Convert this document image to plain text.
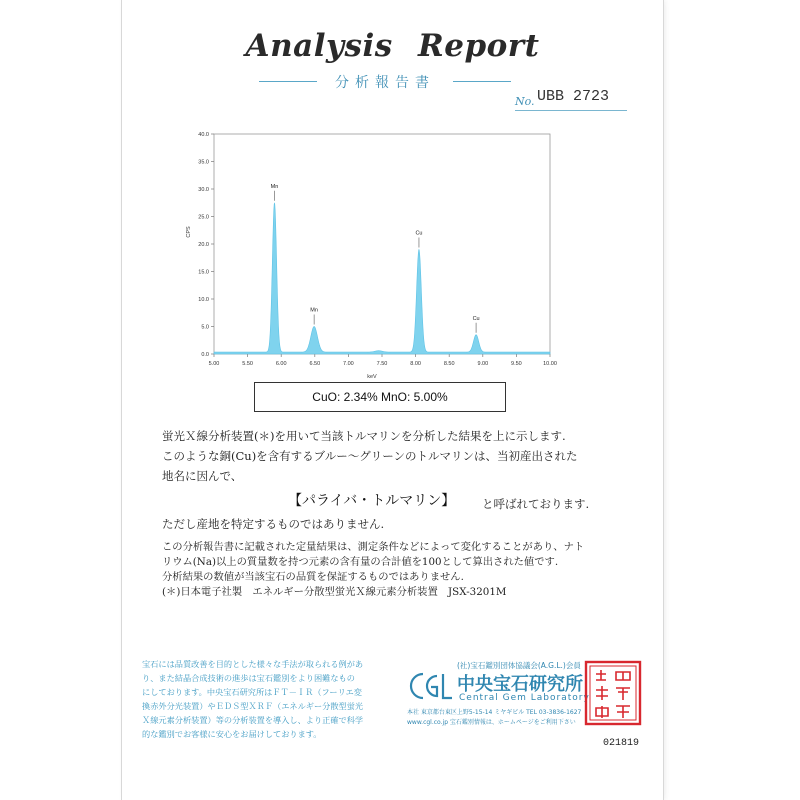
Analysis Report
分析報告書
No. UBB 2723
0.0
5.0
10.0
15.0
20.0
25.0
30.0
35.0
40.0
5.00	5.50	6.00	6.50	7.00	7.50	8.00	8.50	9.00	9.50	10.00
keV
CPS
Mn
Mn
Cu
Cu
CuO: 2.34% MnO: 5.00%
蛍光Ｘ線分析装置(＊)を用いて当該トルマリンを分析した結果を上に示します.
このような銅(Cu)を含有するブルー～グリーンのトルマリンは、当初産出された
地名に因んで、
【パライバ・トルマリン】 と呼ばれております.
ただし産地を特定するものではありません.
この分析報告書に記載された定量結果は、測定条件などによって変化することがあり、ナト
リウム(Na)以上の質量数を持つ元素の含有量の合計値を100として算出された値です.
分析結果の数値が当該宝石の品質を保証するものではありません.
(＊)日本電子社製　エネルギー分散型蛍光Ｘ線元素分析装置　JSX-3201M
宝石には品質改善を目的とした様々な手法が取られる例があ
り、また結晶合成技術の進歩は宝石鑑別をより困難なもの
にしております。中央宝石研究所はＦＴ－ＩＲ（フーリエ変
換赤外分光装置）やＥＤＳ型ＸＲＦ（エネルギー分散型蛍光
Ｘ線元素分析装置）等の分析装置を導入し、より正確で科学
的な鑑別でお客様に安心をお届けしております。
(社)宝石鑑別団体協議会(A.G.L.)会員
中央宝石研究所
Central Gem Laboratory
本社 東京都台東区上野5-15-14 ミヤギビル TEL 03-3836-1627
www.cgl.co.jp 宝石鑑別情報は、ホームページをご利用下さい
021819
